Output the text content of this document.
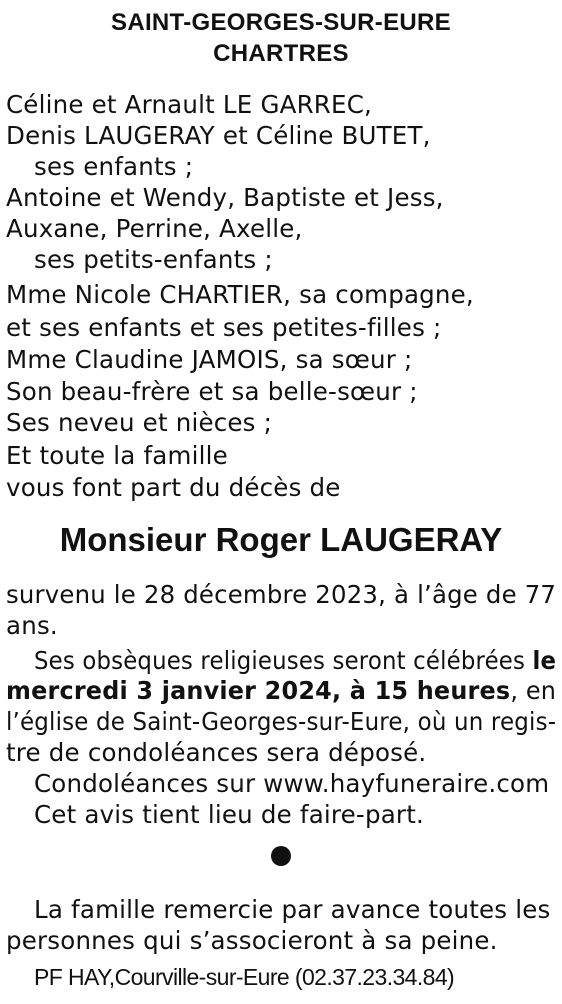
SAINT-GEORGES-SUR-EURE
CHARTRES
Céline et Arnault LE GARREC,
Denis LAUGERAY et Céline BUTET,
ses enfants ;
Antoine et Wendy, Baptiste et Jess,
Auxane, Perrine, Axelle,
ses petits-enfants ;
Mme Nicole CHARTIER, sa compagne,
et ses enfants et ses petites-filles ;
Mme Claudine JAMOIS, sa sœur ;
Son beau-frère et sa belle-sœur ;
Ses neveu et nièces ;
Et toute la famille
vous font part du décès de
Monsieur Roger LAUGERAY
survenu le 28 décembre 2023, à l’âge de 77
ans.
Ses obsèques religieuses seront célébrées le
mercredi 3 janvier 2024, à 15 heures, en
l’église de Saint-Georges-sur-Eure, où un regis-
tre de condoléances sera déposé.
Condoléances sur www.hayfuneraire.com
Cet avis tient lieu de faire-part.
La famille remercie par avance toutes les
personnes qui s’associeront à sa peine.
PF HAY,Courville-sur-Eure (02.37.23.34.84)
